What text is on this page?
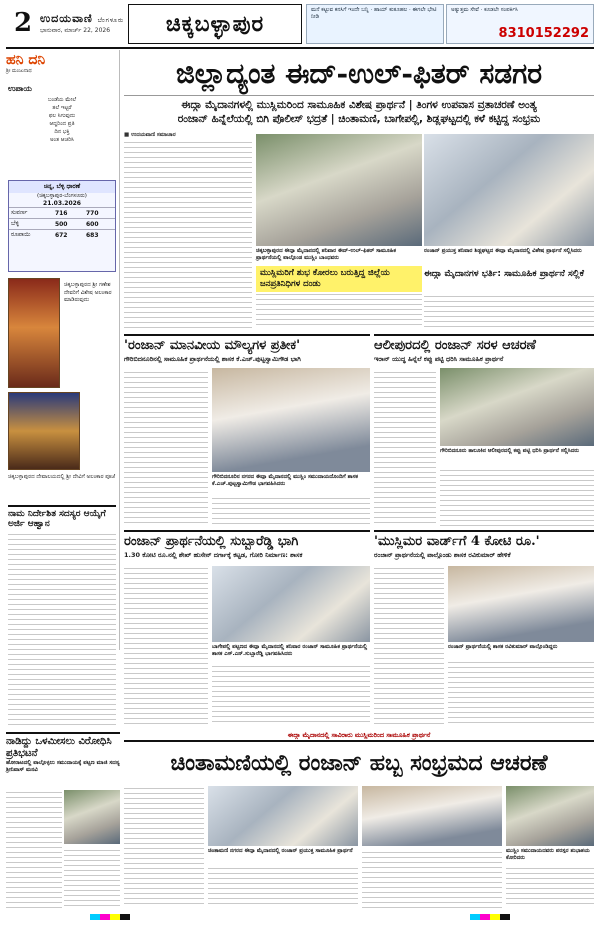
2 ಉದಯವಾಣಿ ಬೆಂಗಳೂರು
ಭಾನುವಾರ, ಮಾರ್ಚ್ 22, 2026	ಚಿಕ್ಕಬಳ್ಳಾಪುರ
ಮನೆ ಕಟ್ಟುವ ಕನಸಿಗೆ ಇಂದೇ ಬನ್ನಿ · ಹಾಯ್ ಕುತೂಹಲ · ಈಗಲೇ ಭೇಟಿ ನೀಡಿ
ಅತ್ಯುತ್ತಮ ಸೇವೆ · ಕೂಡಲೇ ಸಂಪರ್ಕಿಸಿ
8310152292
ಹನಿ ದನಿ
ಶ್ರೀ ಮಂಜುನಾಥ
ಉಪಾಯ
ಬಂಡೆಯ ಮೇಲೆ
ತಲೆ ಇಟ್ಟರೆ
ಫಲ ಸಿಗುವುದು
ಆದ್ದರಿಂದ ಪ್ರತಿ
ದಿನ ಭಕ್ತಿ
ಅಂತ ಆಚರಿಸಿ
ಚಿನ್ನ, ಬೆಳ್ಳಿ ಧಾರಣೆ
(ಚಿಕ್ಕಬಳ್ಳಾಪುರ-ಬೆಂಗಳೂರು)
21.03.2026
ಸುವರ್ಣ	716	770
ಬೆಳ್ಳಿ	500	600
ರೂಪಾಯಿ	672	683
ಚಿಕ್ಕಬಳ್ಳಾಪುರದ ಶ್ರೀ ಗಣೇಶ ದೇವರಿಗೆ ವಿಶೇಷ ಅಲಂಕಾರ ಮಾಡಿರುವುದು
ಚಿಕ್ಕಬಳ್ಳಾಪುರದ ದೇವಾಲಯದಲ್ಲಿ ಶ್ರೀ ದೇವಿಗೆ ಅಲಂಕಾರ ಪೂಜೆ
ನಾಮ ನಿರ್ದೇಶಿತ ಸದಸ್ಯರ ಆಯ್ಕೆಗೆ ಅರ್ಜಿ ಆಹ್ವಾನ
ಜಿಲ್ಲಾದ್ಯಂತ ಈದ್-ಉಲ್-ಫಿತರ್ ಸಡಗರ
ಈದ್ಗಾ ಮೈದಾನಗಳಲ್ಲಿ ಮುಸ್ಲಿಮರಿಂದ ಸಾಮೂಹಿಕ ವಿಶೇಷ ಪ್ರಾರ್ಥನೆ | ತಿಂಗಳ ಉಪವಾಸ ವ್ರತಾಚರಣೆ ಅಂತ್ಯ
ರಂಜಾನ್ ಹಿನ್ನೆಲೆಯಲ್ಲಿ ಬಿಗಿ ಪೊಲೀಸ್ ಭದ್ರತೆ | ಚಿಂತಾಮಣಿ, ಬಾಗೇಪಲ್ಲಿ, ಶಿಡ್ಲಘಟ್ಟದಲ್ಲಿ ಕಳೆ ಕಟ್ಟಿದ್ದ ಸಂಭ್ರಮ
■ ಉದಯವಾಣಿ ಸಮಾಚಾರ
ಚಿಕ್ಕಬಳ್ಳಾಪುರದ ಈದ್ಗಾ ಮೈದಾನದಲ್ಲಿ ಶನಿವಾರ ಈದ್-ಉಲ್-ಫಿತರ್ ಸಾಮೂಹಿಕ ಪ್ರಾರ್ಥನೆಯಲ್ಲಿ ಪಾಲ್ಗೊಂಡ ಮುಸ್ಲಿಂ ಬಾಂಧವರು
ರಂಜಾನ್ ಪ್ರಯುಕ್ತ ಶನಿವಾರ ಶಿಡ್ಲಘಟ್ಟದ ಈದ್ಗಾ ಮೈದಾನದಲ್ಲಿ ವಿಶೇಷ ಪ್ರಾರ್ಥನೆ ಸಲ್ಲಿಸಿದರು
ಮುಸ್ಲಿಮರಿಗೆ ಶುಭ ಕೋರಲು ಬರುತ್ತಿದ್ದ ಜಿಲ್ಲೆಯ ಜನಪ್ರತಿನಿಧಿಗಳ ದಂಡು
ಈದ್ಗಾ ಮೈದಾನಗಳ ಭರ್ತಿ: ಸಾಮೂಹಿಕ ಪ್ರಾರ್ಥನೆ ಸಲ್ಲಿಕೆ
'ರಂಜಾನ್ ಮಾನವೀಯ ಮೌಲ್ಯಗಳ ಪ್ರತೀಕ'
ಗೌರಿಬಿದನೂರಿನಲ್ಲಿ ಸಾಮೂಹಿಕ ಪ್ರಾರ್ಥನೆಯಲ್ಲಿ ಶಾಸಕ ಕೆ.ಎಚ್.ಪುಟ್ಟಸ್ವಾಮಿಗೌಡ ಭಾಗಿ
ಗೌರಿಬಿದನೂರಿನ ನಗರದ ಈದ್ಗಾ ಮೈದಾನದಲ್ಲಿ ಮುಸ್ಲಿಂ ಸಮುದಾಯದೊಂದಿಗೆ ಶಾಸಕ ಕೆ.ಎಚ್.ಪುಟ್ಟಸ್ವಾಮಿಗೌಡ ಭಾಗವಹಿಸಿದರು
ಆಲೀಪುರದಲ್ಲಿ ರಂಜಾನ್ ಸರಳ ಆಚರಣೆ
ಇರಾನ್ ಯುದ್ಧ ಹಿನ್ನೆಲೆ ಕಪ್ಪು ಪಟ್ಟಿ ಧರಿಸಿ ಸಾಮೂಹಿಕ ಪ್ರಾರ್ಥನೆ
ಗೌರಿಬಿದನೂರು ತಾಲೂಕಿನ ಆಲೀಪುರದಲ್ಲಿ ಕಪ್ಪು ಪಟ್ಟಿ ಧರಿಸಿ ಪ್ರಾರ್ಥನೆ ಸಲ್ಲಿಸಿದರು
ರಂಜಾನ್ ಪ್ರಾರ್ಥನೆಯಲ್ಲಿ ಸುಬ್ಬಾರೆಡ್ಡಿ ಭಾಗಿ
1.30 ಕೋಟಿ ರೂ.ನಲ್ಲಿ ಶೇಖ್ ಹುಸೇನ್ ದರ್ಗಾಕ್ಕೆ ಕಟ್ಟಡ, ಗೋರಿ ನಿರ್ಮಾಣ: ಶಾಸಕ
ಬಾಗೇಪಲ್ಲಿ ಪಟ್ಟಣದ ಈದ್ಗಾ ಮೈದಾನದಲ್ಲಿ ಶನಿವಾರ ರಂಜಾನ್ ಸಾಮೂಹಿಕ ಪ್ರಾರ್ಥನೆಯಲ್ಲಿ ಶಾಸಕ ಎಸ್.ಎನ್.ಸುಬ್ಬಾರೆಡ್ಡಿ ಭಾಗವಹಿಸಿದರು
'ಮುಸ್ಲಿಮರ ವಾರ್ಡ್‌ಗೆ 4 ಕೋಟಿ ರೂ.'
ರಂಜಾನ್ ಪ್ರಾರ್ಥನೆಯಲ್ಲಿ ಪಾಲ್ಗೊಂಡು ಶಾಸಕ ರವಿಕುಮಾರ್ ಹೇಳಿಕೆ
ರಂಜಾನ್ ಪ್ರಾರ್ಥನೆಯಲ್ಲಿ ಶಾಸಕ ರವಿಕುಮಾರ್ ಪಾಲ್ಗೊಂಡಿದ್ದರು
ನಾಡಿದ್ದು ಒಳಮೀಸಲು ವಿರೋಧಿಸಿ ಪ್ರತಿಭಟನೆ
ಹೋರಾಟದಲ್ಲಿ ಪಾಲ್ಗೊಳ್ಳಲು ಸಮುದಾಯಕ್ಕೆ ಪಟ್ಟಣ ಮಾಜಿ ಸದಸ್ಯ ಶ್ರೀನಿವಾಸ್ ಮನವಿ
ಈದ್ಗಾ ಮೈದಾನದಲ್ಲಿ ಸಾವಿರಾರು ಮುಸ್ಲಿಮರಿಂದ ಸಾಮೂಹಿಕ ಪ್ರಾರ್ಥನೆ
ಚಿಂತಾಮಣಿಯಲ್ಲಿ ರಂಜಾನ್ ಹಬ್ಬ ಸಂಭ್ರಮದ ಆಚರಣೆ
ಚಿಂತಾಮಣಿ ನಗರದ ಈದ್ಗಾ ಮೈದಾನದಲ್ಲಿ ರಂಜಾನ್ ಪ್ರಯುಕ್ತ ಸಾಮೂಹಿಕ ಪ್ರಾರ್ಥನೆ	ಮುಸ್ಲಿಂ ಸಮುದಾಯದವರು ಪರಸ್ಪರ ಶುಭಾಶಯ ಕೋರಿದರು
